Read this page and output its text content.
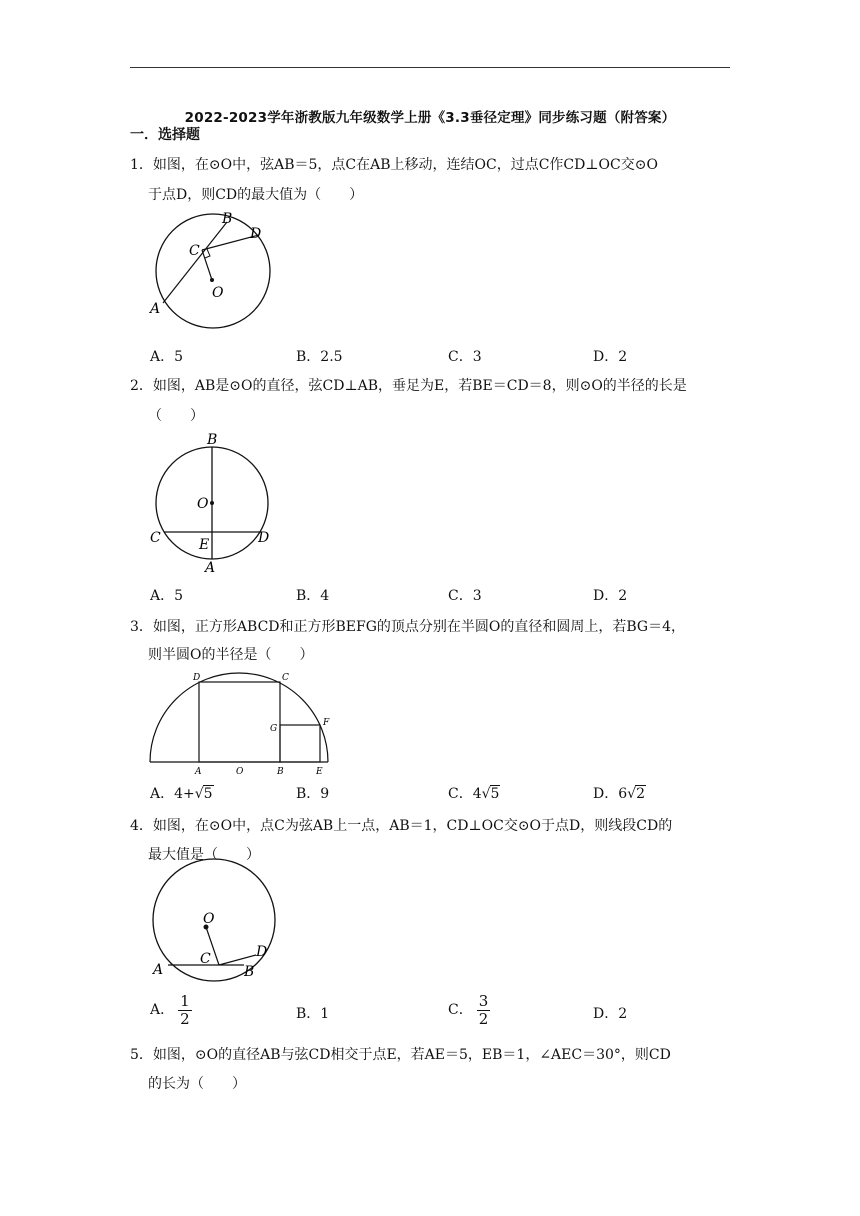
2022-2023学年浙教版九年级数学上册《3.3垂径定理》同步练习题（附答案）
一．选择题
1．如图，在⊙O中，弦AB＝5，点C在AB上移动，连结OC，过点C作CD⊥OC交⊙O
于点D，则CD的最大值为（　　）
A
B
C
D
O
A．5	B．2.5	C．3	D．2
2．如图，AB是⊙O的直径，弦CD⊥AB，垂足为E，若BE＝CD＝8，则⊙O的半径的长是
（　　）
B
O
C	D
E
A
A．5	B．4	C．3	D．2
3．如图，正方形ABCD和正方形BEFG的顶点分别在半圆O的直径和圆周上，若BG＝4，
则半圆O的半径是（　　）
D	C
G
F
A	O	B	E
A．4+√5	B．9	C．4√5	D．6√2
4．如图，在⊙O中，点C为弦AB上一点，AB＝1，CD⊥OC交⊙O于点D，则线段CD的
最大值是（　　）
O
A
C	D
B
A． $\frac{1}{2}$	B．1	C． $\frac{3}{2}$	D．2
5．如图，⊙O的直径AB与弦CD相交于点E，若AE＝5，EB＝1，∠AEC＝30°，则CD
的长为（　　）
